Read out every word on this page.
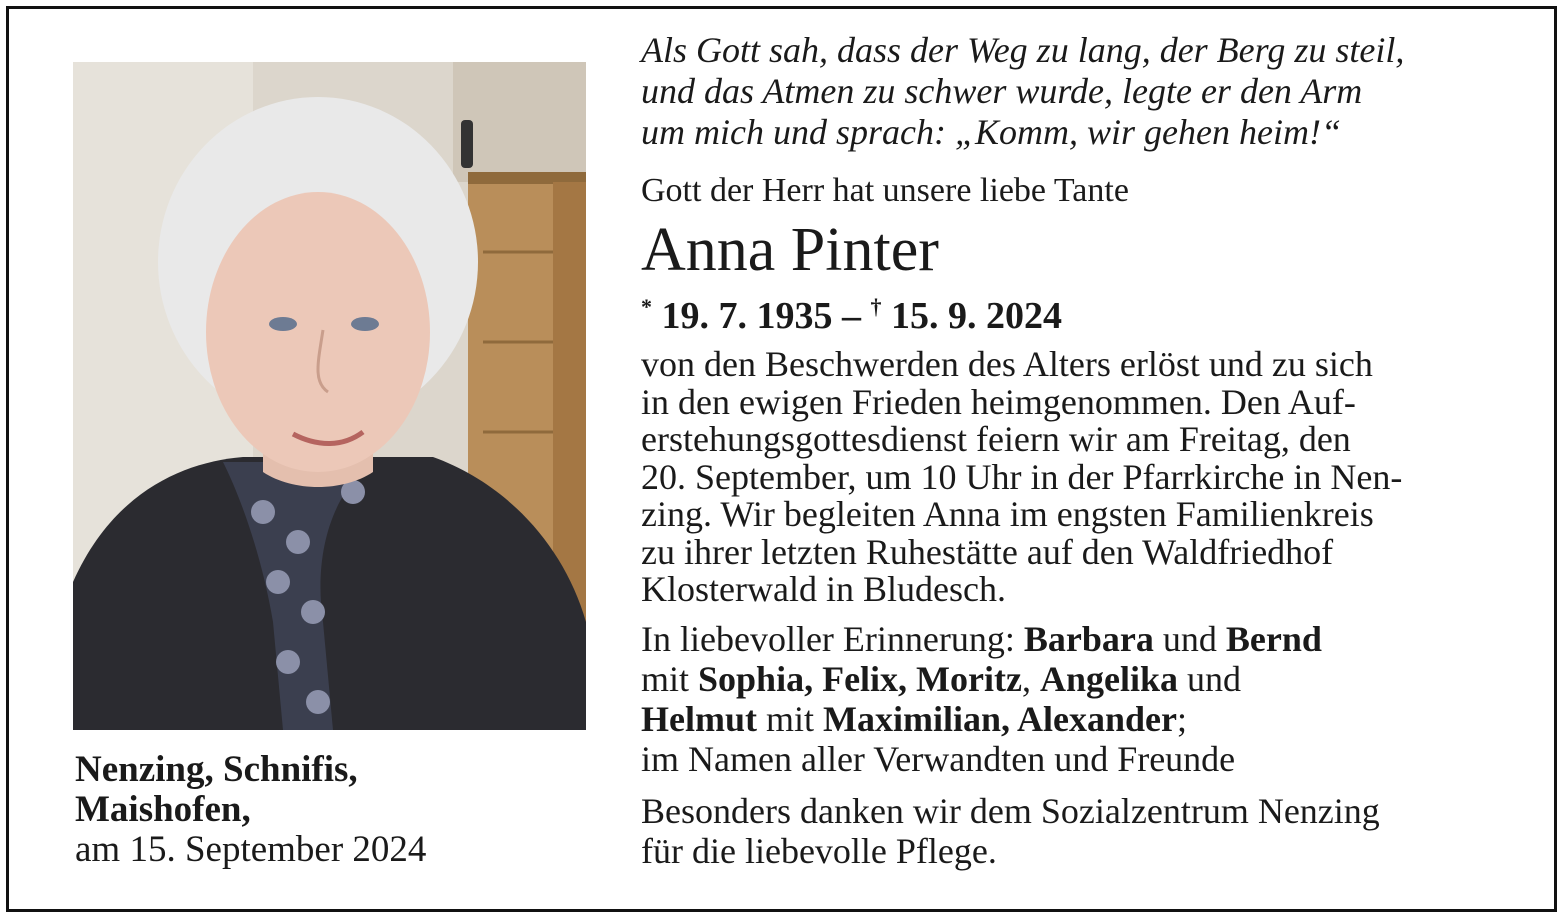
Nenzing, Schnifis,
Maishofen,
am 15. September 2024

Als Gott sah, dass der Weg zu lang, der Berg zu steil,
und das Atmen zu schwer wurde, legte er den Arm
um mich und sprach: „Komm, wir gehen heim!“

Gott der Herr hat unsere liebe Tante

Anna Pinter

* 19. 7. 1935 – † 15. 9. 2024

von den Beschwerden des Alters erlöst und zu sich
in den ewigen Frieden heimgenommen. Den Auf-
erstehungsgottesdienst feiern wir am Freitag, den
20. September, um 10 Uhr in der Pfarrkirche in Nen-
zing. Wir begleiten Anna im engsten Familienkreis
zu ihrer letzten Ruhestätte auf den Waldfriedhof
Klosterwald in Bludesch.

In liebevoller Erinnerung: Barbara und Bernd
mit Sophia, Felix, Moritz, Angelika und
Helmut mit Maximilian, Alexander;
im Namen aller Verwandten und Freunde

Besonders danken wir dem Sozialzentrum Nenzing
für die liebevolle Pflege.
